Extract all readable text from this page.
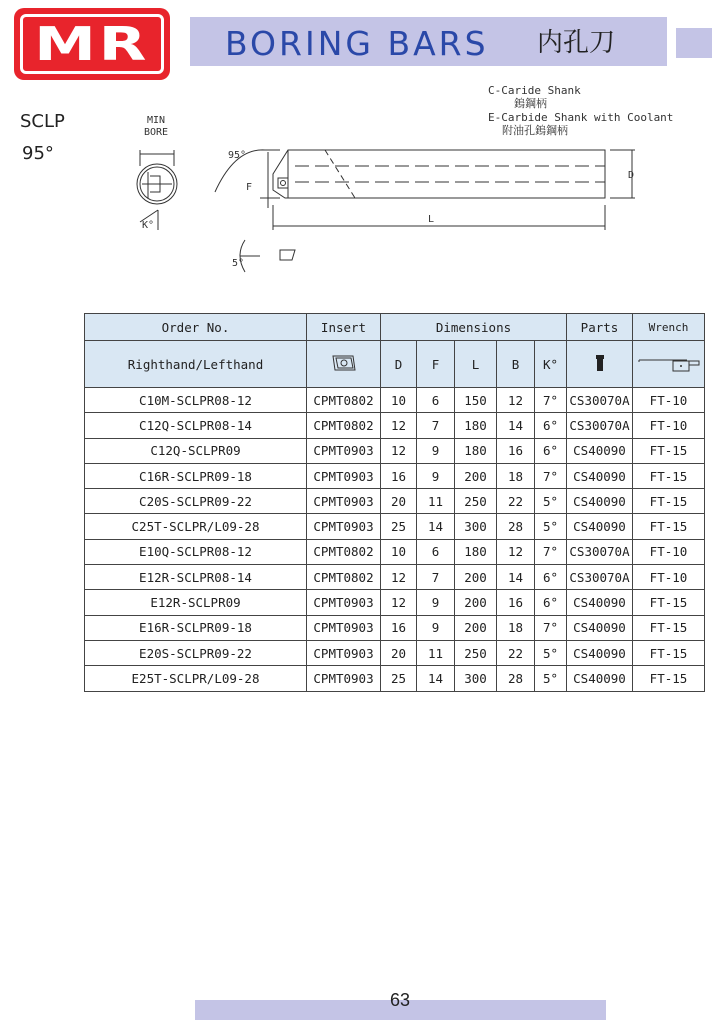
MR BORING BARS 内孔刀
SCLP
95°
C-Caride Shank
鎢鋼柄
E-Carbide Shank with Coolant
附油孔鎢鋼柄
MIN
BORE
K°
95°
F
D
L
5°
Order No.	Insert	Dimensions					Parts	Wrench
Righthand/Lefthand		D	F	L	B	K°		
C10M-SCLPR08-12	CPMT0802	10	6	150	12	7°	CS30070A	FT-10
C12Q-SCLPR08-14	CPMT0802	12	7	180	14	6°	CS30070A	FT-10
C12Q-SCLPR09	CPMT0903	12	9	180	16	6°	CS40090	FT-15
C16R-SCLPR09-18	CPMT0903	16	9	200	18	7°	CS40090	FT-15
C20S-SCLPR09-22	CPMT0903	20	11	250	22	5°	CS40090	FT-15
C25T-SCLPR/L09-28	CPMT0903	25	14	300	28	5°	CS40090	FT-15
E10Q-SCLPR08-12	CPMT0802	10	6	180	12	7°	CS30070A	FT-10
E12R-SCLPR08-14	CPMT0802	12	7	200	14	6°	CS30070A	FT-10
E12R-SCLPR09	CPMT0903	12	9	200	16	6°	CS40090	FT-15
E16R-SCLPR09-18	CPMT0903	16	9	200	18	7°	CS40090	FT-15
E20S-SCLPR09-22	CPMT0903	20	11	250	22	5°	CS40090	FT-15
E25T-SCLPR/L09-28	CPMT0903	25	14	300	28	5°	CS40090	FT-15
63
